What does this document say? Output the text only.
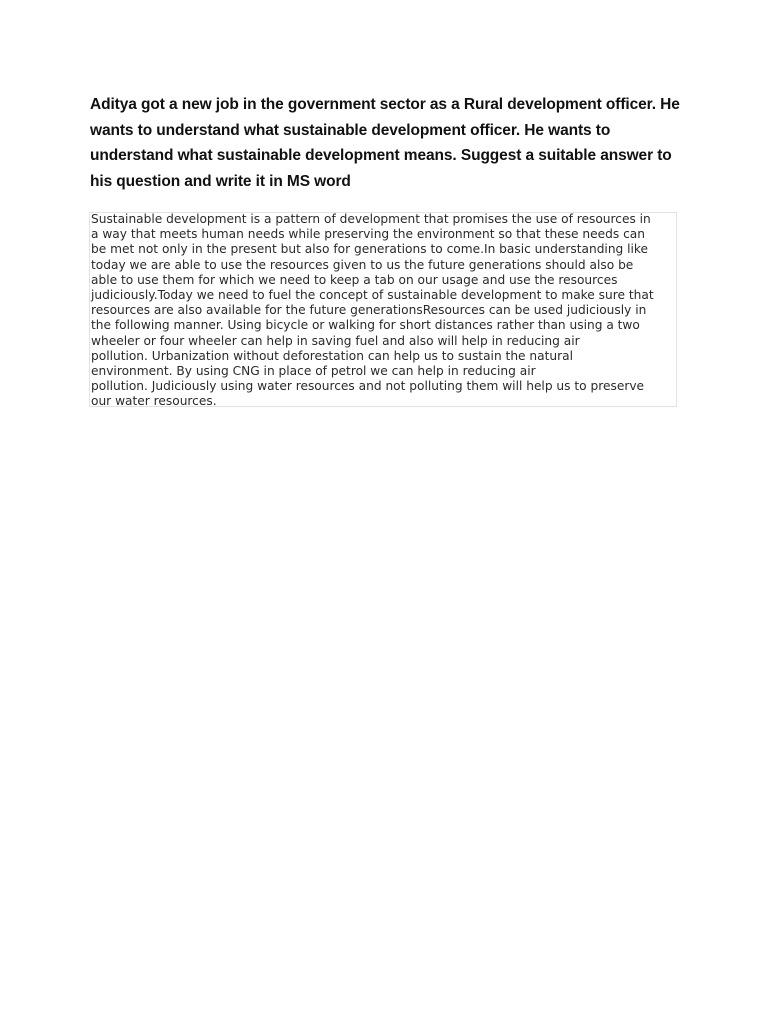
Aditya got a new job in the government sector as a Rural development officer. He wants to understand what sustainable development officer. He wants to understand what sustainable development means. Suggest a suitable answer to his question and write it in MS word

Sustainable development is a pattern of development that promises the use of resources in
a way that meets human needs while preserving the environment so that these needs can
be met not only in the present but also for generations to come.In basic understanding like
today we are able to use the resources given to us the future generations should also be
able to use them for which we need to keep a tab on our usage and use the resources
judiciously.Today we need to fuel the concept of sustainable development to make sure that
resources are also available for the future generationsResources can be used judiciously in
the following manner. Using bicycle or walking for short distances rather than using a two
wheeler or four wheeler can help in saving fuel and also will help in reducing air
pollution. Urbanization without deforestation can help us to sustain the natural
environment. By using CNG in place of petrol we can help in reducing air
pollution. Judiciously using water resources and not polluting them will help us to preserve
our water resources.
